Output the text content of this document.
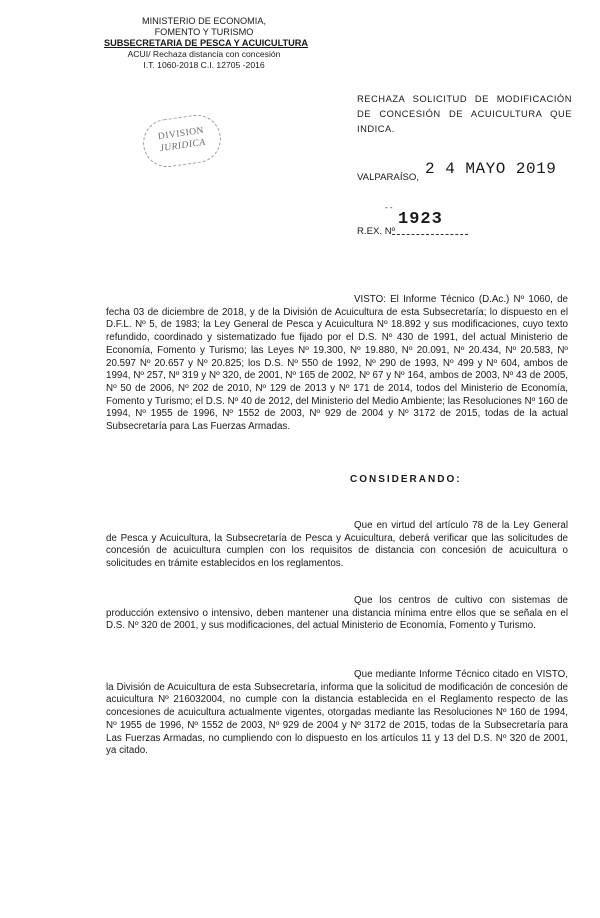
MINISTERIO DE ECONOMIA,
FOMENTO Y TURISMO
SUBSECRETARIA DE PESCA Y ACUICULTURA
ACUI/ Rechaza distancia con concesión
I.T. 1060-2018 C.I. 12705 -2016
DIVISION
JURIDICA
RECHAZA SOLICITUD DE MODIFICACIÓN DE CONCESIÓN DE ACUICULTURA QUE INDICA.
VALPARAÍSO, 2 4 MAYO 2019
- -
1923
R.EX. Nº
VISTO: El Informe Técnico (D.Ac.) Nº 1060, de fecha 03 de diciembre de 2018, y de la División de Acuicultura de esta Subsecretaría; lo dispuesto en el D.F.L. Nº 5, de 1983; la Ley General de Pesca y Acuicultura Nº 18.892 y sus modificaciones, cuyo texto refundido, coordinado y sistematizado fue fijado por el D.S. Nº 430 de 1991, del actual Ministerio de Economía, Fomento y Turismo; las Leyes Nº 19.300, Nº 19.880, Nº 20.091, Nº 20.434, Nº 20.583, Nº 20.597 Nº 20.657 y Nº 20.825; los D.S. Nº 550 de 1992, Nº 290 de 1993, Nº 499 y Nº 604, ambos de 1994, Nº 257, Nº 319 y Nº 320, de 2001, Nº 165 de 2002, Nº 67 y Nº 164, ambos de 2003, Nº 43 de 2005, Nº 50 de 2006, Nº 202 de 2010, Nº 129 de 2013 y Nº 171 de 2014, todos del Ministerio de Economía, Fomento y Turismo; el D.S. Nº 40 de 2012, del Ministerio del Medio Ambiente; las Resoluciones Nº 160 de 1994, Nº 1955 de 1996, Nº 1552 de 2003, Nº 929 de 2004 y Nº 3172 de 2015, todas de la actual Subsecretaría para Las Fuerzas Armadas.
CONSIDERANDO:
Que en virtud del artículo 78 de la Ley General de Pesca y Acuicultura, la Subsecretaría de Pesca y Acuicultura, deberá verificar que las solicitudes de concesión de acuicultura cumplen con los requisitos de distancia con concesión de acuicultura o solicitudes en trámite establecidos en los reglamentos.
Que los centros de cultivo con sistemas de producción extensivo o intensivo, deben mantener una distancia mínima entre ellos que se señala en el D.S. Nº 320 de 2001, y sus modificaciones, del actual Ministerio de Economía, Fomento y Turismo.
Que mediante Informe Técnico citado en VISTO, la División de Acuicultura de esta Subsecretaría, informa que la solicitud de modificación de concesión de acuicultura Nº 216032004, no cumple con la distancia establecida en el Reglamento respecto de las concesiones de acuicultura actualmente vigentes, otorgadas mediante las Resoluciones Nº 160 de 1994, Nº 1955 de 1996, Nº 1552 de 2003, Nº 929 de 2004 y Nº 3172 de 2015, todas de la Subsecretaría para Las Fuerzas Armadas, no cumpliendo con lo dispuesto en los artículos 11 y 13 del D.S. Nº 320 de 2001, ya citado.
